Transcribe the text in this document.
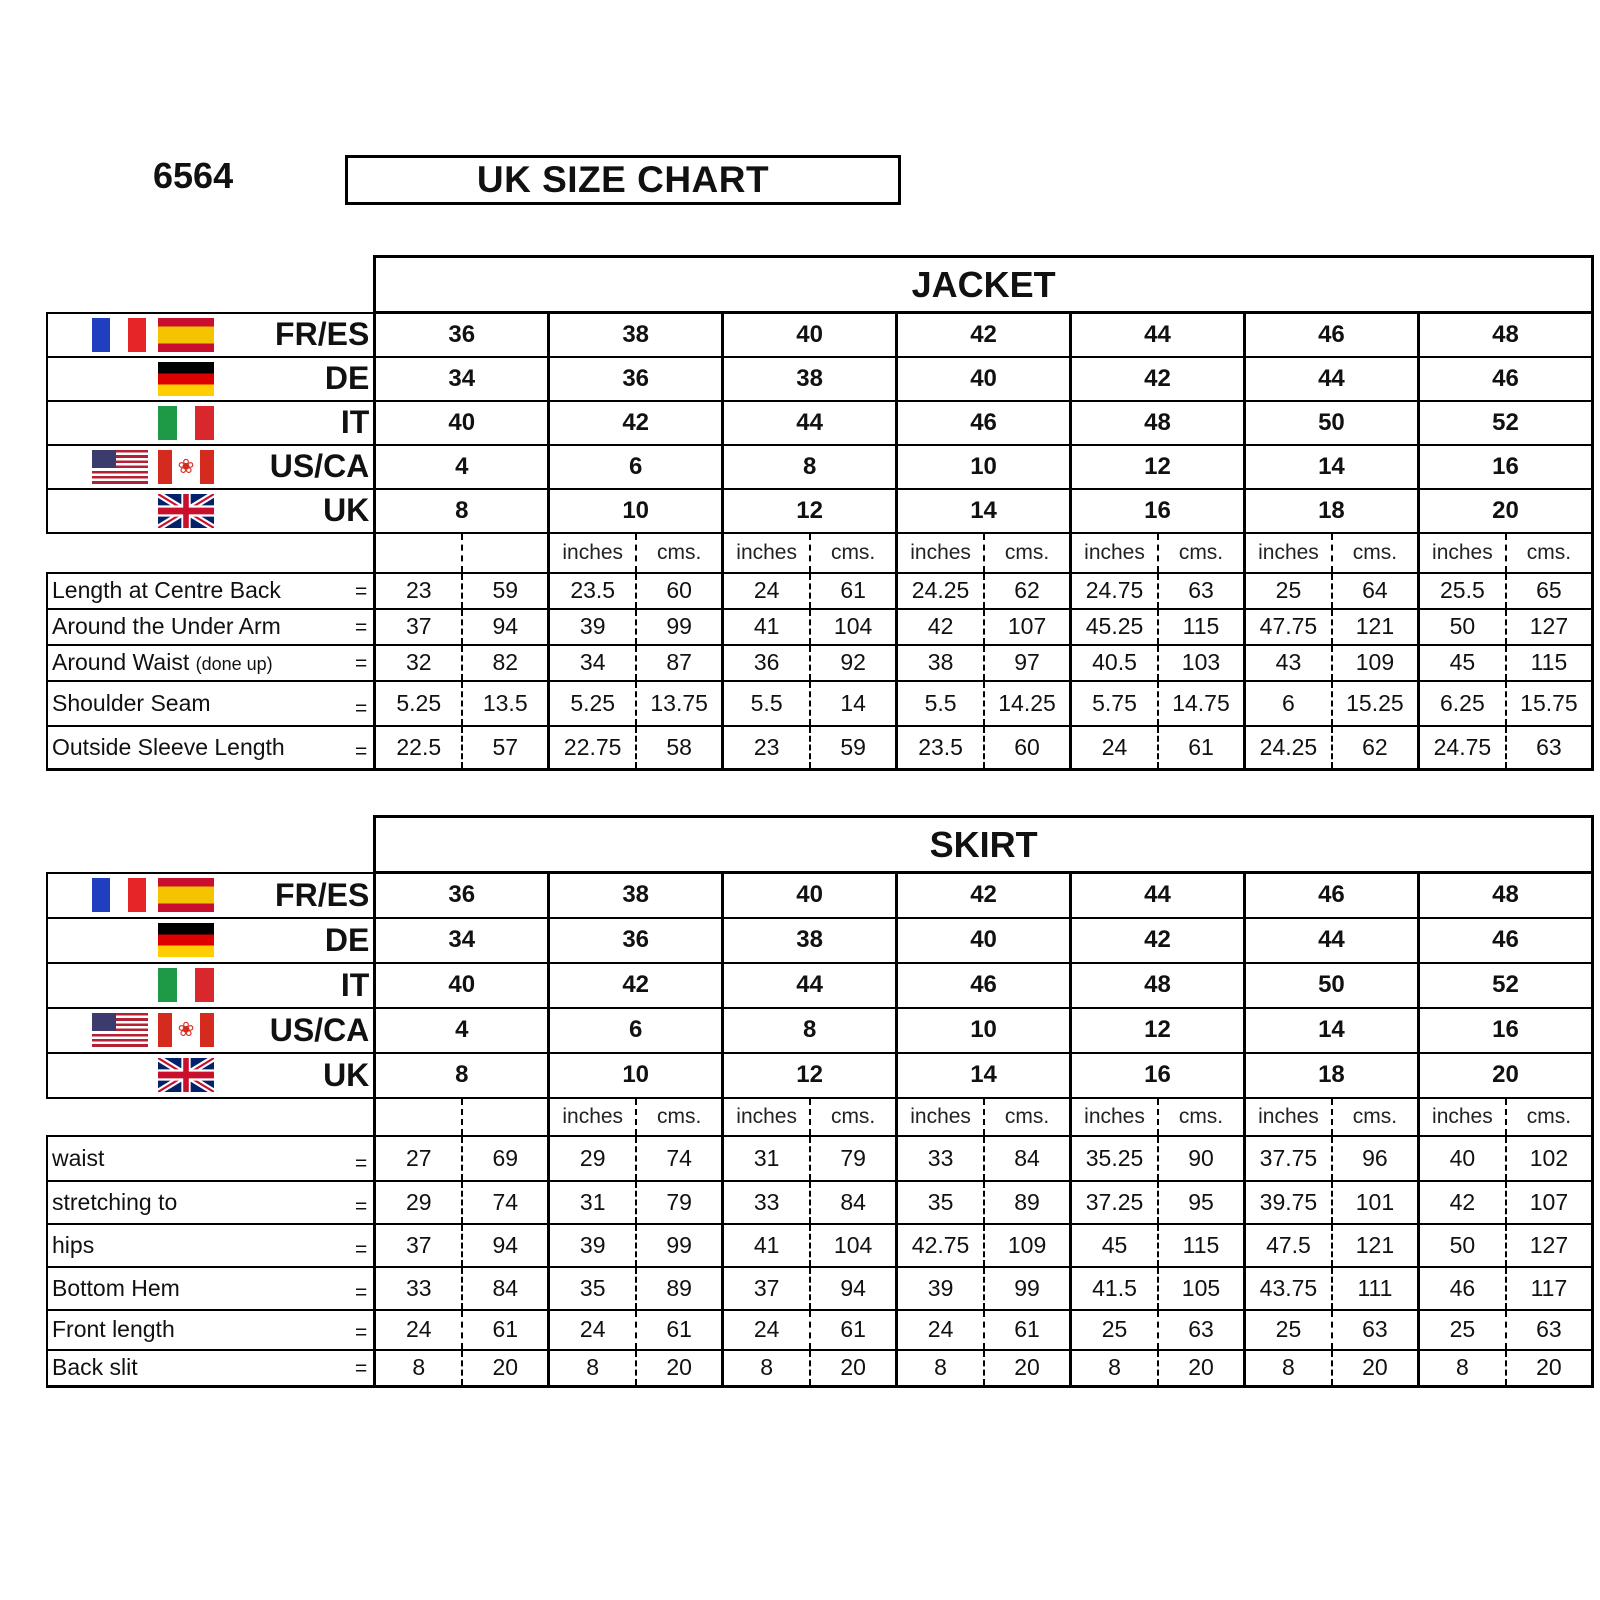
6564	UK SIZE CHART
	JACKET													

FR/ES	36		38		40		42		44		46		48	

DE	34		36		38		40		42		44		46	

IT	40		42		44		46		48		50		52	

❀ US/CA	4		6		8		10		12		14		16	

UK	8		10		12		14		16		18		20	
			inches	cms.	inches	cms.	inches	cms.	inches	cms.	inches	cms.	inches	cms.
Length at Centre Back =	23	59	23.5	60	24	61	24.25	62	24.75	63	25	64	25.5	65
Around the Under Arm =	37	94	39	99	41	104	42	107	45.25	115	47.75	121	50	127
Around Waist (done up) =	32	82	34	87	36	92	38	97	40.5	103	43	109	45	115
Shoulder Seam =	5.25	13.5	5.25	13.75	5.5	14	5.5	14.25	5.75	14.75	6	15.25	6.25	15.75
Outside Sleeve Length =	22.5	57	22.75	58	23	59	23.5	60	24	61	24.25	62	24.75	63
	SKIRT													

FR/ES	36		38		40		42		44		46		48	

DE	34		36		38		40		42		44		46	

IT	40		42		44		46		48		50		52	

❀ US/CA	4		6		8		10		12		14		16	

UK	8		10		12		14		16		18		20	
			inches	cms.	inches	cms.	inches	cms.	inches	cms.	inches	cms.	inches	cms.
waist =	27	69	29	74	31	79	33	84	35.25	90	37.75	96	40	102
stretching to =	29	74	31	79	33	84	35	89	37.25	95	39.75	101	42	107
hips =	37	94	39	99	41	104	42.75	109	45	115	47.5	121	50	127
Bottom Hem =	33	84	35	89	37	94	39	99	41.5	105	43.75	111	46	117
Front length =	24	61	24	61	24	61	24	61	25	63	25	63	25	63
Back slit =	8	20	8	20	8	20	8	20	8	20	8	20	8	20
